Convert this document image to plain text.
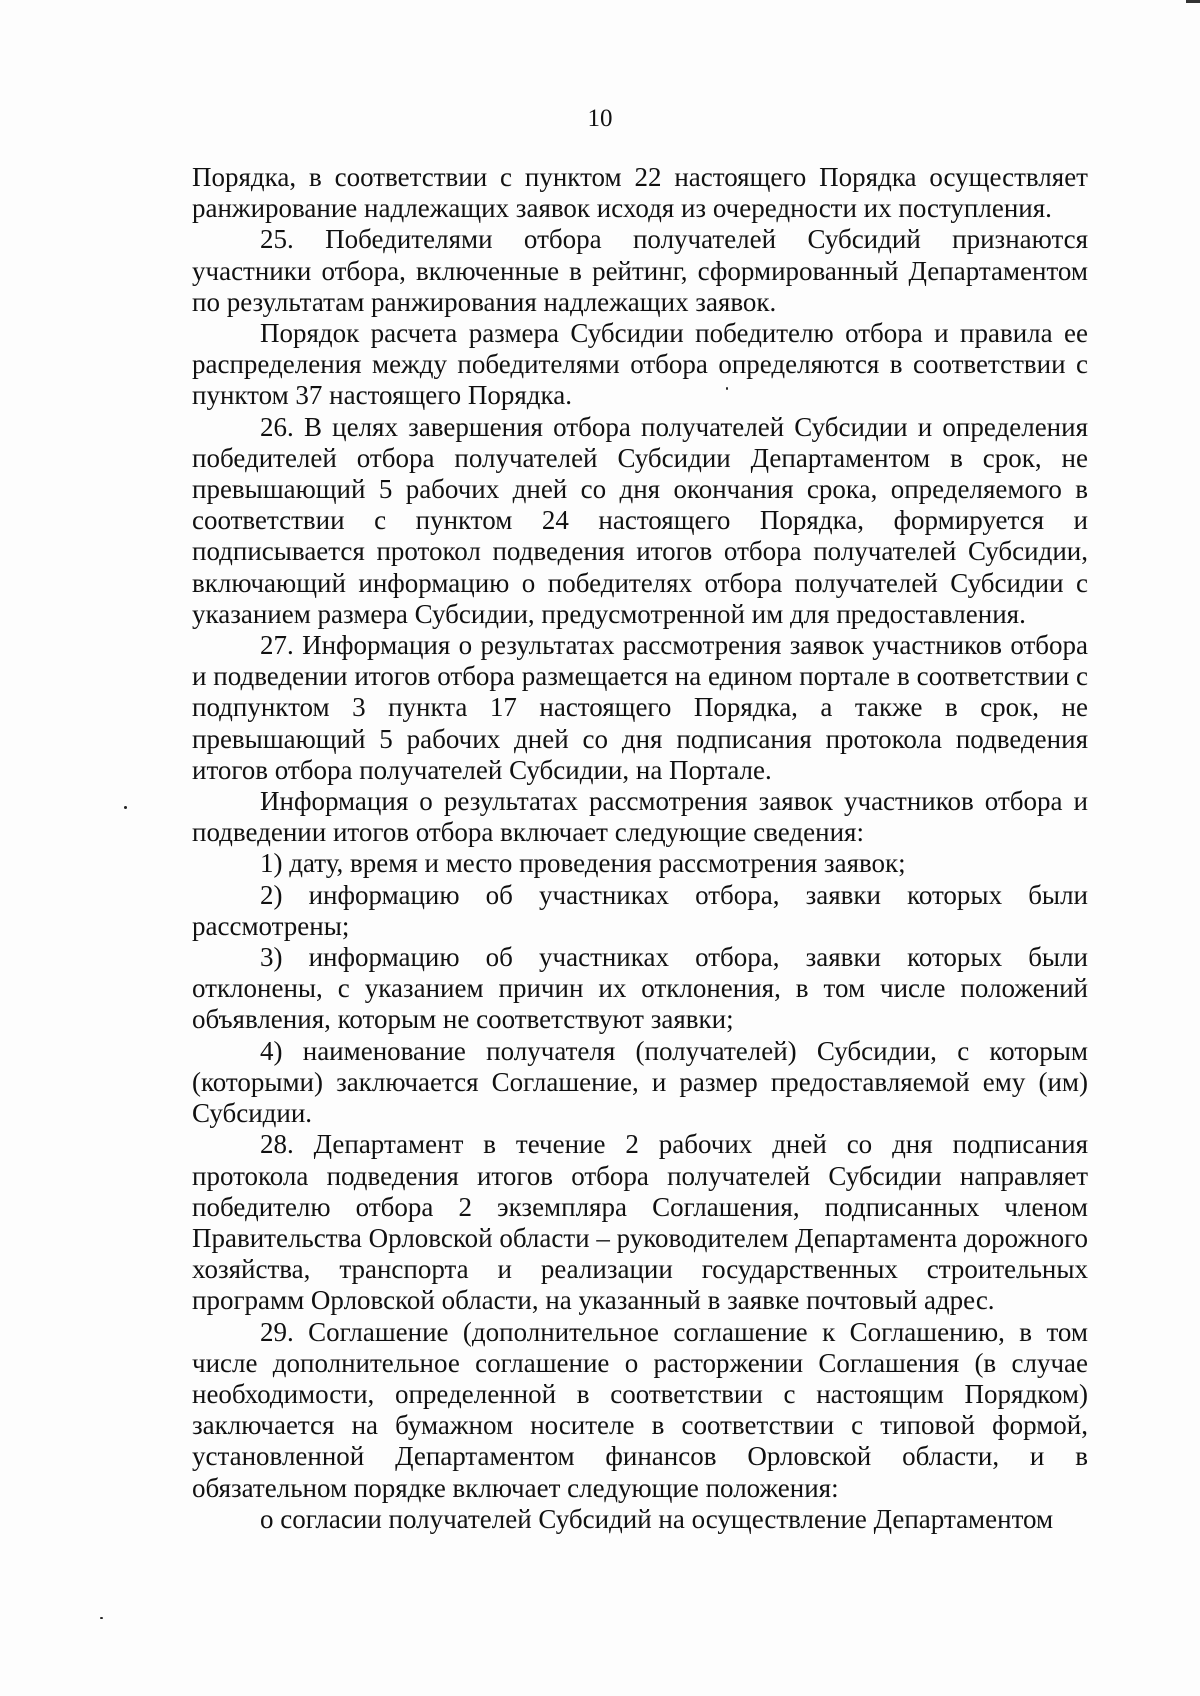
10

Порядка, в соответствии с пунктом 22 настоящего Порядка осуществляет ранжирование надлежащих заявок исходя из очередности их поступления.

25. Победителями отбора получателей Субсидий признаются участники отбора, включенные в рейтинг, сформированный Департаментом по результатам ранжирования надлежащих заявок.

Порядок расчета размера Субсидии победителю отбора и правила ее распределения между победителями отбора определяются в соответствии с пунктом 37 настоящего Порядка.

26. В целях завершения отбора получателей Субсидии и определения победителей отбора получателей Субсидии Департаментом в срок, не превышающий 5 рабочих дней со дня окончания срока, определяемого в соответствии с пунктом 24 настоящего Порядка, формируется и подписывается протокол подведения итогов отбора получателей Субсидии, включающий информацию о победителях отбора получателей Субсидии с указанием размера Субсидии, предусмотренной им для предоставления.

27. Информация о результатах рассмотрения заявок участников отбора и подведении итогов отбора размещается на едином портале в соответствии с подпунктом 3 пункта 17 настоящего Порядка, а также в срок, не превышающий 5 рабочих дней со дня подписания протокола подведения итогов отбора получателей Субсидии, на Портале.

Информация о результатах рассмотрения заявок участников отбора и подведении итогов отбора включает следующие сведения:

1) дату, время и место проведения рассмотрения заявок;

2) информацию об участниках отбора, заявки которых были рассмотрены;

3) информацию об участниках отбора, заявки которых были отклонены, с указанием причин их отклонения, в том числе положений объявления, которым не соответствуют заявки;

4) наименование получателя (получателей) Субсидии, с которым (которыми) заключается Соглашение, и размер предоставляемой ему (им) Субсидии.

28. Департамент в течение 2 рабочих дней со дня подписания протокола подведения итогов отбора получателей Субсидии направляет победителю отбора 2 экземпляра Соглашения, подписанных членом Правительства Орловской области – руководителем Департамента дорожного хозяйства, транспорта и реализации государственных строительных программ Орловской области, на указанный в заявке почтовый адрес.

29. Соглашение (дополнительное соглашение к Соглашению, в том числе дополнительное соглашение о расторжении Соглашения (в случае необходимости, определенной в соответствии с настоящим Порядком) заключается на бумажном носителе в соответствии с типовой формой, установленной Департаментом финансов Орловской области, и в обязательном порядке включает следующие положения:

о согласии получателей Субсидий на осуществление Департаментом
